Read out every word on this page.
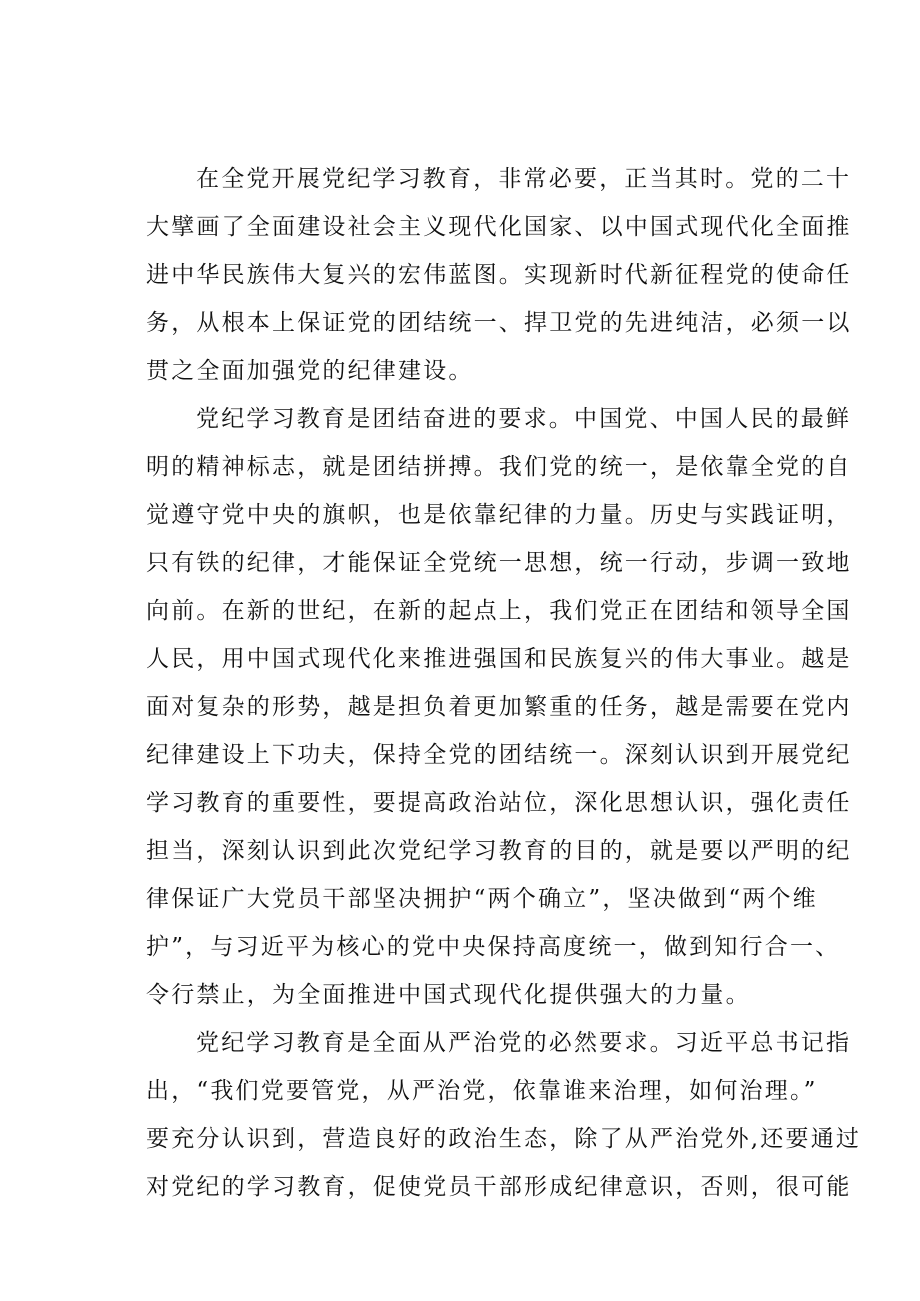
在全党开展党纪学习教育，非常必要，正当其时。党的二十
大擘画了全面建设社会主义现代化国家、以中国式现代化全面推
进中华民族伟大复兴的宏伟蓝图。实现新时代新征程党的使命任
务，从根本上保证党的团结统一、捍卫党的先进纯洁，必须一以
贯之全面加强党的纪律建设。
党纪学习教育是团结奋进的要求。中国党、中国人民的最鲜
明的精神标志，就是团结拼搏。我们党的统一，是依靠全党的自
觉遵守党中央的旗帜，也是依靠纪律的力量。历史与实践证明，
只有铁的纪律，才能保证全党统一思想，统一行动，步调一致地
向前。在新的世纪，在新的起点上，我们党正在团结和领导全国
人民，用中国式现代化来推进强国和民族复兴的伟大事业。越是
面对复杂的形势，越是担负着更加繁重的任务，越是需要在党内
纪律建设上下功夫，保持全党的团结统一。深刻认识到开展党纪
学习教育的重要性，要提高政治站位，深化思想认识，强化责任
担当，深刻认识到此次党纪学习教育的目的，就是要以严明的纪
律保证广大党员干部坚决拥护“两个确立”，坚决做到“两个维
护”，与习近平为核心的党中央保持高度统一，做到知行合一、
令行禁止，为全面推进中国式现代化提供强大的力量。
党纪学习教育是全面从严治党的必然要求。习近平总书记指
出，“我们党要管党，从严治党，依靠谁来治理，如何治理。”
要充分认识到，营造良好的政治生态，除了从严治党外,还要通过
对党纪的学习教育，促使党员干部形成纪律意识，否则，很可能
